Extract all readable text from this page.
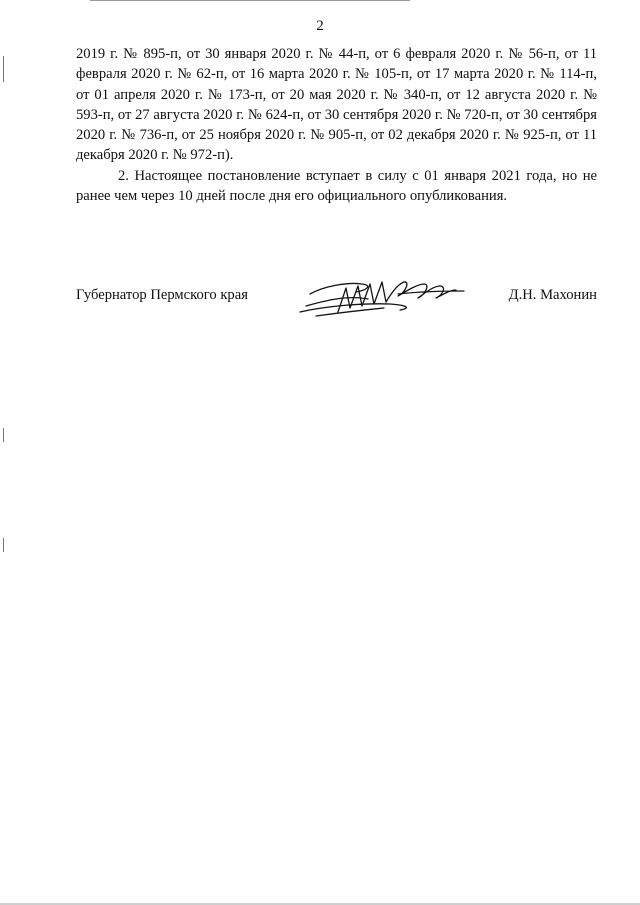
2

2019 г. № 895-п, от 30 января 2020 г. № 44-п, от 6 февраля 2020 г. № 56-п, от 11 февраля 2020 г. № 62-п, от 16 марта 2020 г. № 105-п, от 17 марта 2020 г. № 114-п, от 01 апреля 2020 г. № 173-п, от 20 мая 2020 г. № 340-п, от 12 августа 2020 г. № 593-п, от 27 августа 2020 г. № 624-п, от 30 сентября 2020 г. № 720-п, от 30 сентября 2020 г. № 736-п, от 25 ноября 2020 г. № 905-п, от 02 декабря 2020 г. № 925-п, от 11 декабря 2020 г. № 972-п).

2. Настоящее постановление вступает в силу с 01 января 2021 года, но не ранее чем через 10 дней после дня его официального опубликования.

Губернатор Пермского края	Д.Н. Махонин
